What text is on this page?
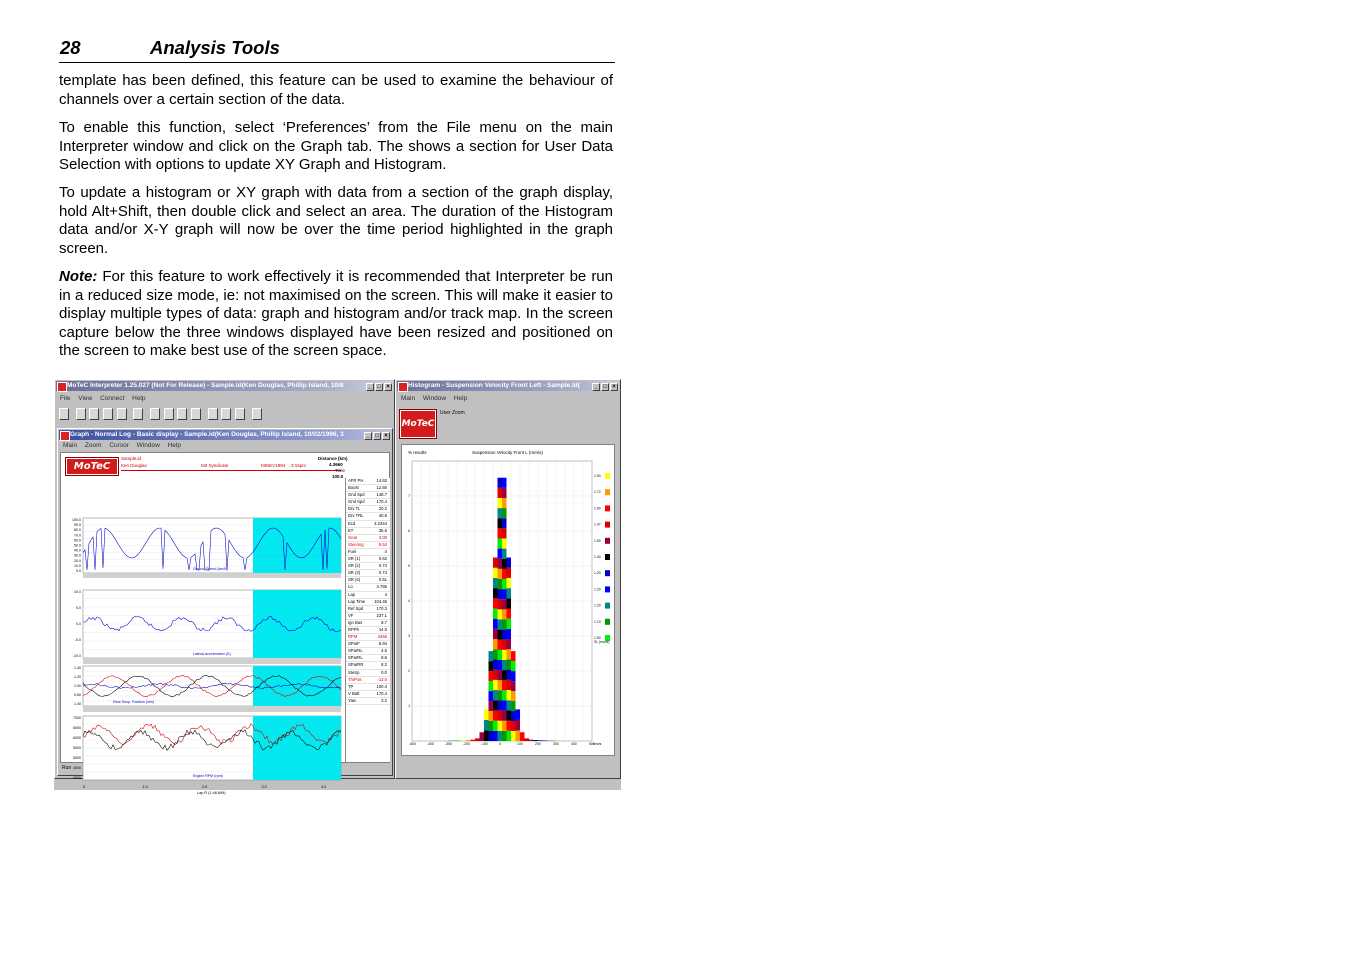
28	Analysis Tools

template has been defined, this feature can be used to examine the behaviour of channels over a certain section of the data.

To enable this function, select ‘Preferences’ from the File menu on the main Interpreter window and click on the Graph tab. The shows a section for User Data Selection with options to update XY Graph and Histogram.

To update a histogram or XY graph with data from a section of the graph display, hold Alt+Shift, then double click and select an area. The duration of the Histogram data and/or X-Y graph will now be over the time period highlighted in the graph screen.

Note: For this feature to work effectively it is recommended that Interpreter be run in a reduced size mode, ie: not maximised on the screen. This will make it easier to display multiple types of data: graph and histogram and/or track map. In the screen capture below the three windows displayed have been resized and positioned on the screen to make best use of the screen space.

MoTeC Interpreter 1.25.027 (Not For Release) - Sample.ld(Ken Douglas, Phillip Island, 10/8	_ □ ×
File View Connect Help

Graph - Normal Log - Basic display - Sample.ld(Ken Douglas, Phillip Island, 10/02/1996, 3	_ □ ×
Main Zoom Cursor Window Help
MoTeC
Sample.ld
Ken Douglas	M3 Syndicate	MINEV1994 3:15pm
Distance (km)
4.3660
Time
100.0
100.0
90.0
80.0
70.0
60.0
50.0
40.0
30.0
20.0
10.0
0.0	Ground Speed (km/h)
10.0
5.0
0.0
-5.0
-10.0	Lateral Acceleration (G)
1.40
1.20
1.00
0.80
1.40	Rear Susp. Position (mm)
7000
6500
6000
5500
5000
4500
4000	Engine RPM (rpm)
0	1.0	2.0	3.0	4.0
Lap R (1:48.899)
AFR PH	14.62
Boost	12.50
Gnd Spd	148.7
Gnd Spd	170.4
Drv TL	20.2
Drv TRL	40.6
Ecd	4.2344
ET	35.6
Gear	3.00
Steering	9.54
Fuel	4
SR (1)	0.62
SR (2)	0.74
SR (3)	0.74
SR (4)	0.51
Lo	4.785
Lap	4
Lap Time 104.45
Ref Spd	170.3
VF	237.1
Ign Bas	8.7
RPPh	14.5
RPM	4355
SParF	8.94
SParRL	4.5
SParRL	8.6
SParRR	8.2
SteSp	0.0
ThrPos	-13.0
TP	100.4
V Batt	170.4
Yaw	3.2
Run
Histogram - Suspension Velocity Front Left - Sample.ld(	_ □ ×
Main Window Help
MoTeC
User Zoom
% results	Suspension Velocity Front L (mm/s)
-500	-400	-300	-200	-100	0	100	200	300	400	500
mm/s
1
2
3
4
5
6
7
1.90
1.72
1.60
1.47
1.50
1.40
1.20
1.20
1.20
1.10
1.50
SL (mm/s)
